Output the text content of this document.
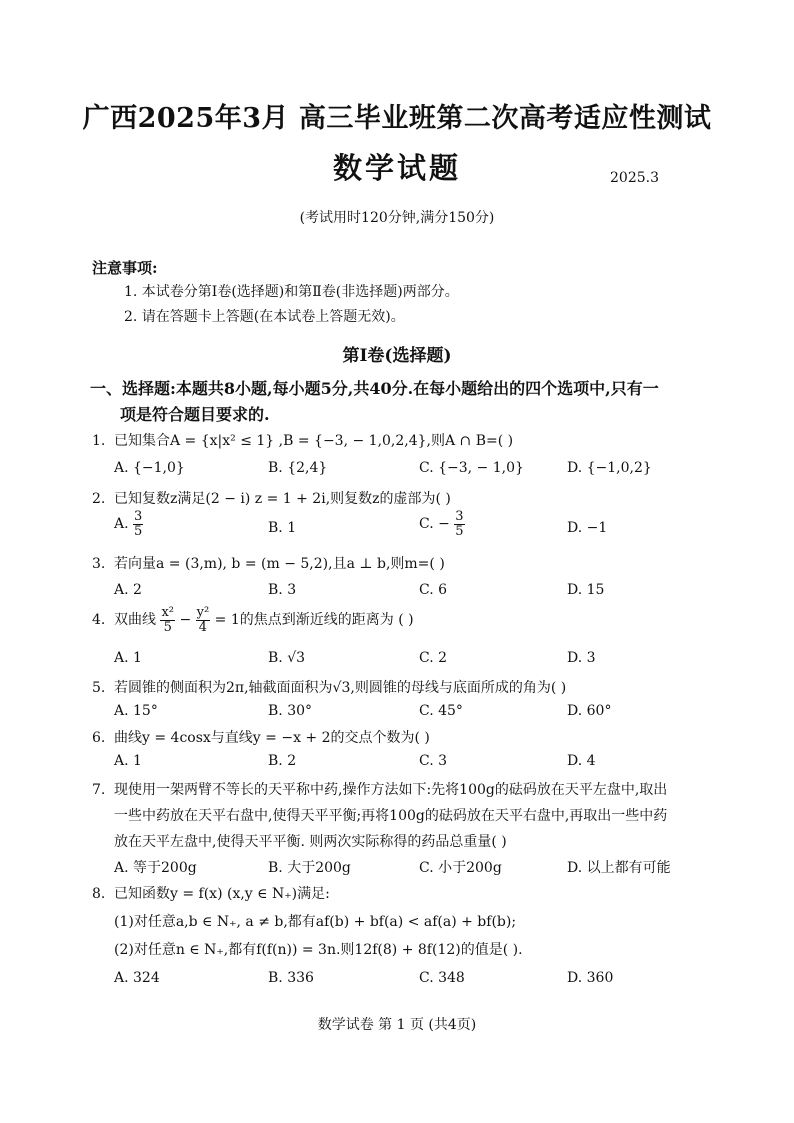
广西2025年3月 高三毕业班第二次高考适应性测试
数学试题	2025.3
(考试用时120分钟,满分150分)
注意事项:
1. 本试卷分第Ⅰ卷(选择题)和第Ⅱ卷(非选择题)两部分。
2. 请在答题卡上答题(在本试卷上答题无效)。
第Ⅰ卷(选择题)
一、选择题:本题共8小题,每小题5分,共40分.在每小题给出的四个选项中,只有一
项是符合题目要求的.
1. 已知集合A = {x|x² ≤ 1} ,B = {−3, − 1,0,2,4},则A ∩ B=( )
A. {−1,0}	B. {2,4}	C. {−3, − 1,0}	D. {−1,0,2}
2. 已知复数z满足(2 − i) z = 1 + 2i,则复数z的虚部为( )
A. $\frac{3}{5}$	B. 1	C. − $\frac{3}{5}$	D. −1
3. 若向量a = (3,m), b = (m − 5,2),且a ⊥ b,则m=( )
A. 2	B. 3	C. 6	D. 15
4. 双曲线 $\frac{\text{x²}}{5} - \frac{\text{y²}}{4} = 1$的焦点到渐近线的距离为 ( )
A. 1	B. √3	C. 2	D. 3
5. 若圆锥的侧面积为2π,轴截面面积为√3,则圆锥的母线与底面所成的角为( )
A. 15°	B. 30°	C. 45°	D. 60°
6. 曲线y = 4cosx与直线y = −x + 2的交点个数为( )
A. 1	B. 2	C. 3	D. 4
7. 现使用一架两臂不等长的天平称中药,操作方法如下:先将100g的砝码放在天平左盘中,取出
一些中药放在天平右盘中,使得天平平衡;再将100g的砝码放在天平右盘中,再取出一些中药
放在天平左盘中,使得天平平衡. 则两次实际称得的药品总重量( )
A. 等于200g	B. 大于200g	C. 小于200g	D. 以上都有可能
8. 已知函数y = f(x) (x,y ∈ N₊)满足:
(1)对任意a,b ∈ N₊, a ≠ b,都有af(b) + bf(a) < af(a) + bf(b);
(2)对任意n ∈ N₊,都有f(f(n)) = 3n.则12f(8) + 8f(12)的值是( ).
A. 324	B. 336	C. 348	D. 360
数学试卷 第 1 页 (共4页)
